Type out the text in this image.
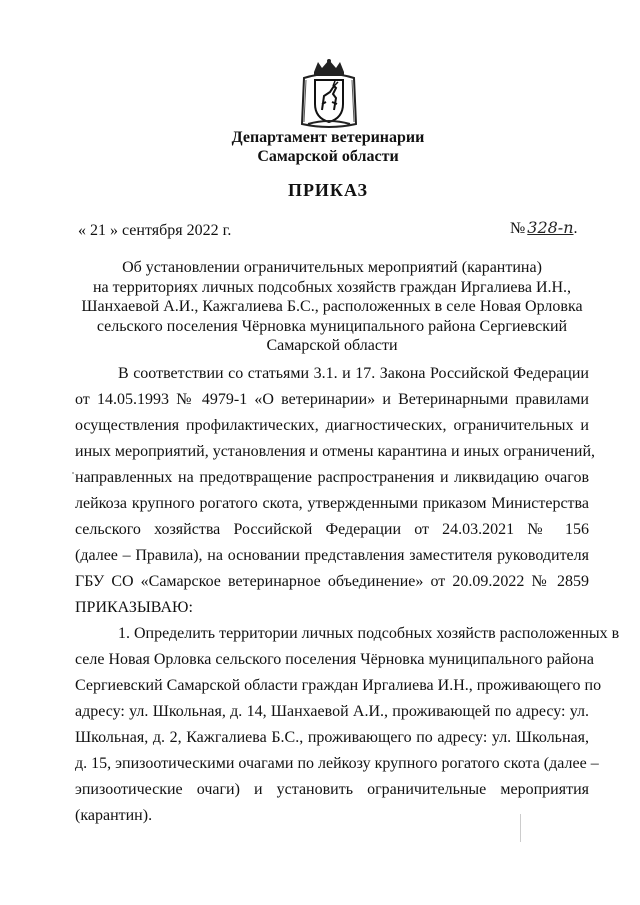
Департамент ветеринарии
Самарской области
ПРИКАЗ
« 21 » сентября 2022 г.	№ 328-п.
Об установлении ограничительных мероприятий (карантина)
на территориях личных подсобных хозяйств граждан Иргалиева И.Н.,
Шанхаевой А.И., Кажгалиева Б.С., расположенных в селе Новая Орловка
сельского поселения Чёрновка муниципального района Сергиевский
Самарской области
В соответствии со статьями 3.1. и 17. Закона Российской Федерации
от 14.05.1993 № 4979-1 «О ветеринарии» и Ветеринарными правилами
осуществления профилактических, диагностических, ограничительных и
иных мероприятий, установления и отмены карантина и иных ограничений,
направленных на предотвращение распространения и ликвидацию очагов
лейкоза крупного рогатого скота, утвержденными приказом Министерства
сельского хозяйства Российской Федерации от 24.03.2021 № 156
(далее – Правила), на основании представления заместителя руководителя
ГБУ СО «Самарское ветеринарное объединение» от 20.09.2022 № 2859
ПРИКАЗЫВАЮ:
1. Определить территории личных подсобных хозяйств расположенных в
селе Новая Орловка сельского поселения Чёрновка муниципального района
Сергиевский Самарской области граждан Иргалиева И.Н., проживающего по
адресу: ул. Школьная, д. 14, Шанхаевой А.И., проживающей по адресу: ул.
Школьная, д. 2, Кажгалиева Б.С., проживающего по адресу: ул. Школьная,
д. 15, эпизоотическими очагами по лейкозу крупного рогатого скота (далее –
эпизоотические очаги) и установить ограничительные мероприятия
(карантин).
